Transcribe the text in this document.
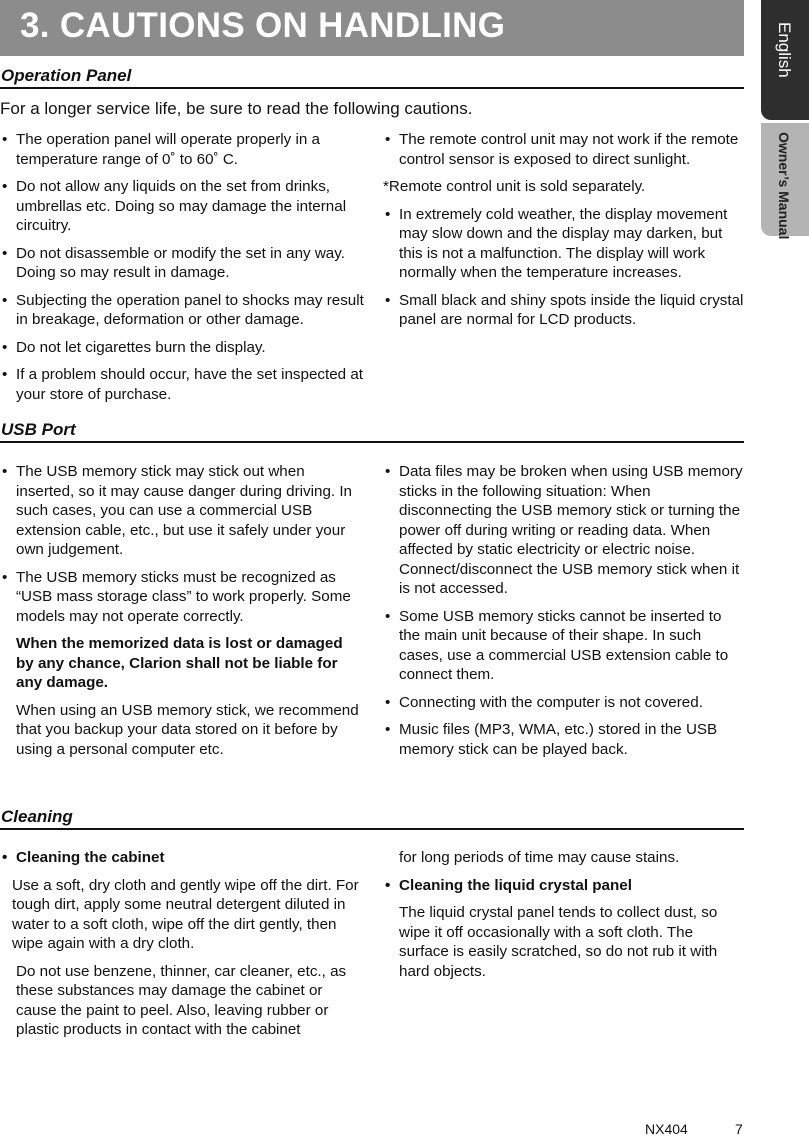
3. CAUTIONS ON HANDLING	English
Owner’s Manual
Operation Panel
For a longer service life, be sure to read the following cautions.
• The operation panel will operate properly in a temperature range of 0˚ to 60˚ C.
• Do not allow any liquids on the set from drinks, umbrellas etc. Doing so may damage the internal circuitry.
• Do not disassemble or modify the set in any way. Doing so may result in damage.
• Subjecting the operation panel to shocks may result in breakage, deformation or other damage.
• Do not let cigarettes burn the display.
• If a problem should occur, have the set inspected at your store of purchase.
• The remote control unit may not work if the remote control sensor is exposed to direct sunlight.

*Remote control unit is sold separately.

• In extremely cold weather, the display movement may slow down and the display may darken, but this is not a malfunction. The display will work normally when the temperature increases.
• Small black and shiny spots inside the liquid crystal panel are normal for LCD products.
USB Port
• The USB memory stick may stick out when inserted, so it may cause danger during driving. In such cases, you can use a commercial USB extension cable, etc., but use it safely under your own judgement.
• The USB memory sticks must be recognized as “USB mass storage class” to work properly. Some models may not operate correctly.

When the memorized data is lost or damaged by any chance, Clarion shall not be liable for any damage.

When using an USB memory stick, we recommend that you backup your data stored on it before by using a personal computer etc.

• Data files may be broken when using USB memory sticks in the following situation: When disconnecting the USB memory stick or turning the power off during writing or reading data. When affected by static electricity or electric noise. Connect/disconnect the USB memory stick when it is not accessed.
• Some USB memory sticks cannot be inserted to the main unit because of their shape. In such cases, use a commercial USB extension cable to connect them.
• Connecting with the computer is not covered.
• Music files (MP3, WMA, etc.) stored in the USB memory stick can be played back.
Cleaning
• Cleaning the cabinet

Use a soft, dry cloth and gently wipe off the dirt. For tough dirt, apply some neutral detergent diluted in water to a soft cloth, wipe off the dirt gently, then wipe again with a dry cloth.

Do not use benzene, thinner, car cleaner, etc., as these substances may damage the cabinet or cause the paint to peel. Also, leaving rubber or plastic products in contact with the cabinet

for long periods of time may cause stains.

• Cleaning the liquid crystal panel

The liquid crystal panel tends to collect dust, so wipe it off occasionally with a soft cloth. The surface is easily scratched, so do not rub it with hard objects.

NX404	7
